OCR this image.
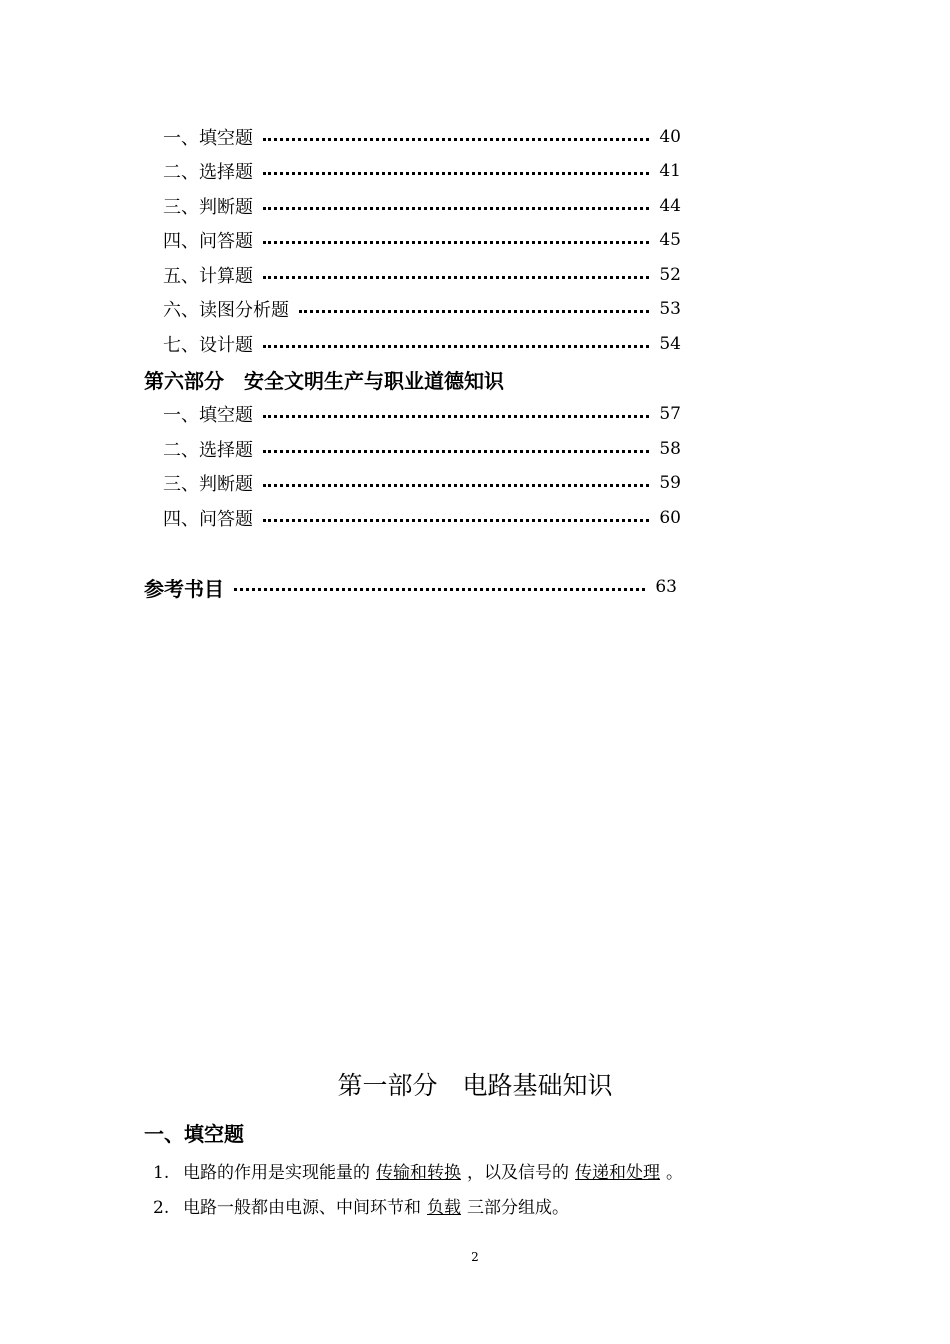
一、填空题	40
二、选择题	41
三、判断题	44
四、问答题	45
五、计算题	52
六、读图分析题	53
七、设计题	54
第六部分　安全文明生产与职业道德知识
一、填空题	57
二、选择题	58
三、判断题	59
四、问答题	60
参考书目	63
第一部分　电路基础知识
一、填空题
1. 电路的作用是实现能量的 传输和转换 ，以及信号的 传递和处理 。
2. 电路一般都由电源、中间环节和 负载 三部分组成。
2
